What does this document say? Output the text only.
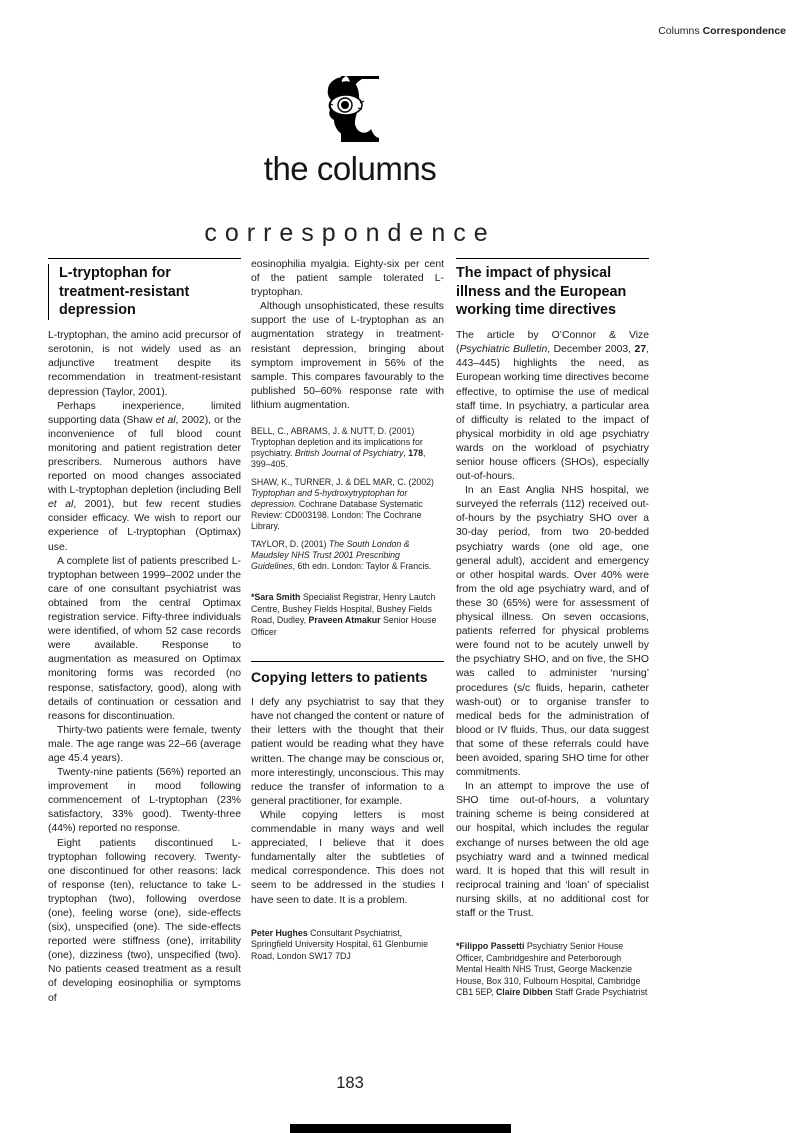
Columns Correspondence
the columns
correspondence
L-tryptophan for treatment-resistant depression

L-tryptophan, the amino acid precursor of serotonin, is not widely used as an adjunctive treatment despite its recommendation in treatment-resistant depression (Taylor, 2001).

Perhaps inexperience, limited supporting data (Shaw et al, 2002), or the inconvenience of full blood count monitoring and patient registration deter prescribers. Numerous authors have reported on mood changes associated with L-tryptophan depletion (including Bell et al, 2001), but few recent studies consider efficacy. We wish to report our experience of L-tryptophan (Optimax) use.

A complete list of patients prescribed L-tryptophan between 1999–2002 under the care of one consultant psychiatrist was obtained from the central Optimax registration service. Fifty-three individuals were identified, of whom 52 case records were available. Response to augmentation as measured on Optimax monitoring forms was recorded (no response, satisfactory, good), along with details of continuation or cessation and reasons for discontinuation.

Thirty-two patients were female, twenty male. The age range was 22–66 (average age 45.4 years).

Twenty-nine patients (56%) reported an improvement in mood following commencement of L-tryptophan (23% satisfactory, 33% good). Twenty-three (44%) reported no response.

Eight patients discontinued L-tryptophan following recovery. Twenty-one discontinued for other reasons: lack of response (ten), reluctance to take L-tryptophan (two), following overdose (one), feeling worse (one), side-effects (six), unspecified (one). The side-effects reported were stiffness (one), irritability (one), dizziness (two), unspecified (two). No patients ceased treatment as a result of developing eosinophilia or symptoms of

eosinophilia myalgia. Eighty-six per cent of the patient sample tolerated L-tryptophan.

Although unsophisticated, these results support the use of L-tryptophan as an augmentation strategy in treatment-resistant depression, bringing about symptom improvement in 56% of the sample. This compares favourably to the published 50–60% response rate with lithium augmentation.

BELL, C., ABRAMS, J. & NUTT, D. (2001) Tryptophan depletion and its implications for psychiatry. British Journal of Psychiatry, 178, 399–405.

SHAW, K., TURNER, J. & DEL MAR, C. (2002) Tryptophan and 5-hydroxytryptophan for depression. Cochrane Database Systematic Review: CD003198. London: The Cochrane Library.

TAYLOR, D. (2001) The South London & Maudsley NHS Trust 2001 Prescribing Guidelines, 6th edn. London: Taylor & Francis.

*Sara Smith Specialist Registrar, Henry Lautch Centre, Bushey Fields Hospital, Bushey Fields Road, Dudley, Praveen Atmakur Senior House Officer

Copying letters to patients

I defy any psychiatrist to say that they have not changed the content or nature of their letters with the thought that their patient would be reading what they have written. The change may be conscious or, more interestingly, unconscious. This may reduce the transfer of information to a general practitioner, for example.

While copying letters is most commendable in many ways and well appreciated, I believe that it does fundamentally alter the subtleties of medical correspondence. This does not seem to be addressed in the studies I have seen to date. It is a problem.

Peter Hughes Consultant Psychiatrist, Springfield University Hospital, 61 Glenburnie Road, London SW17 7DJ

The impact of physical illness and the European working time directives

The article by O’Connor & Vize (Psychiatric Bulletin, December 2003, 27, 443–445) highlights the need, as European working time directives become effective, to optimise the use of medical staff time. In psychiatry, a particular area of difficulty is related to the impact of physical morbidity in old age psychiatry wards on the workload of psychiatry senior house officers (SHOs), especially out-of-hours.

In an East Anglia NHS hospital, we surveyed the referrals (112) received out-of-hours by the psychiatry SHO over a 30-day period, from two 20-bedded psychiatry wards (one old age, one general adult), accident and emergency or other hospital wards. Over 40% were from the old age psychiatry ward, and of these 30 (65%) were for assessment of physical illness. On seven occasions, patients referred for physical problems were found not to be acutely unwell by the psychiatry SHO, and on five, the SHO was called to administer ‘nursing’ procedures (s/c fluids, heparin, catheter wash-out) or to organise transfer to medical beds for the administration of blood or IV fluids. Thus, our data suggest that some of these referrals could have been avoided, sparing SHO time for other commitments.

In an attempt to improve the use of SHO time out-of-hours, a voluntary training scheme is being considered at our hospital, which includes the regular exchange of nurses between the old age psychiatry ward and a twinned medical ward. It is hoped that this will result in reciprocal training and ‘loan’ of specialist nursing skills, at no additional cost for staff or the Trust.

*Filippo Passetti Psychiatry Senior House Officer, Cambridgeshire and Peterborough Mental Health NHS Trust, George Mackenzie House, Box 310, Fulbourn Hospital, Cambridge CB1 5EP, Claire Dibben Staff Grade Psychiatrist

183
